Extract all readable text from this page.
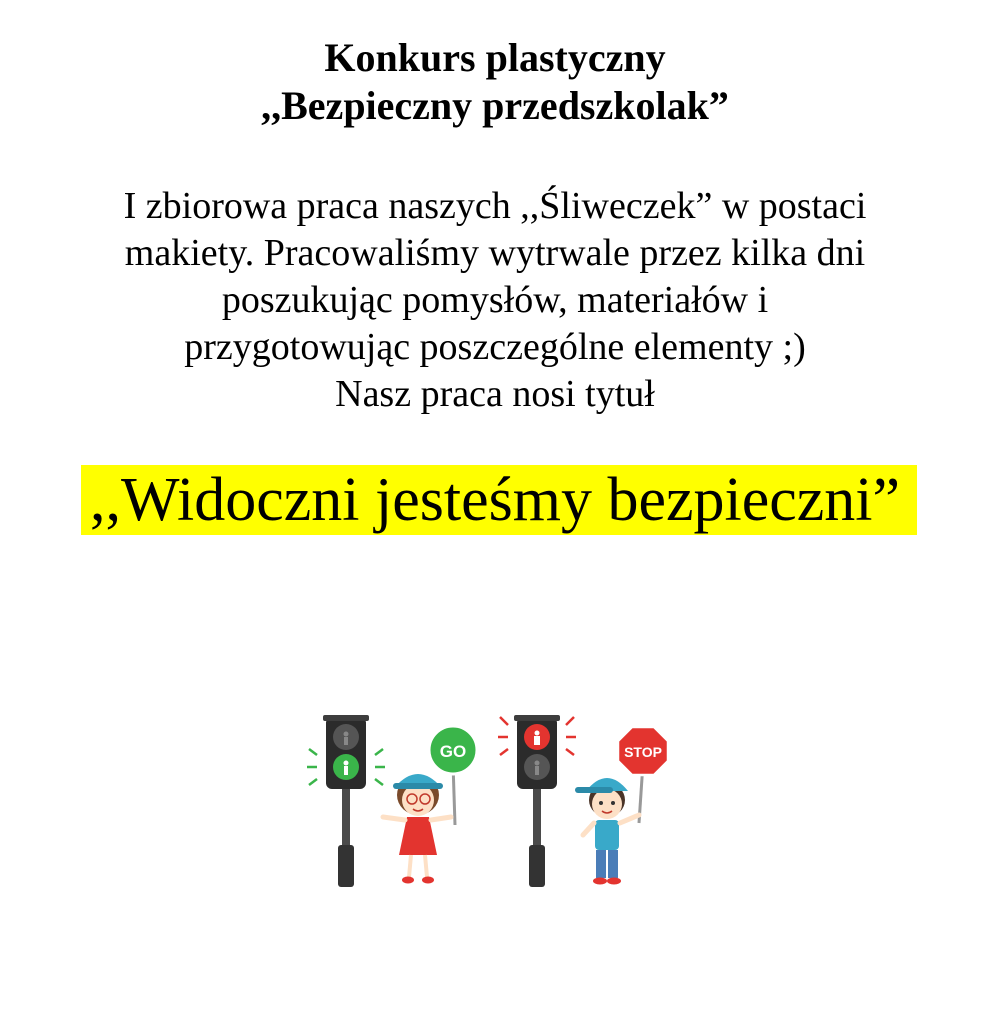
Konkurs plastyczny
,,Bezpieczny przedszkolak”
I zbiorowa praca naszych ,,Śliweczek” w postaci
makiety. Pracowaliśmy wytrwale przez kilka dni
poszukując pomysłów, materiałów i
przygotowując poszczególne elementy ;)
Nasz praca nosi tytuł
,,Widoczni jesteśmy bezpieczni”
GO	STOP
